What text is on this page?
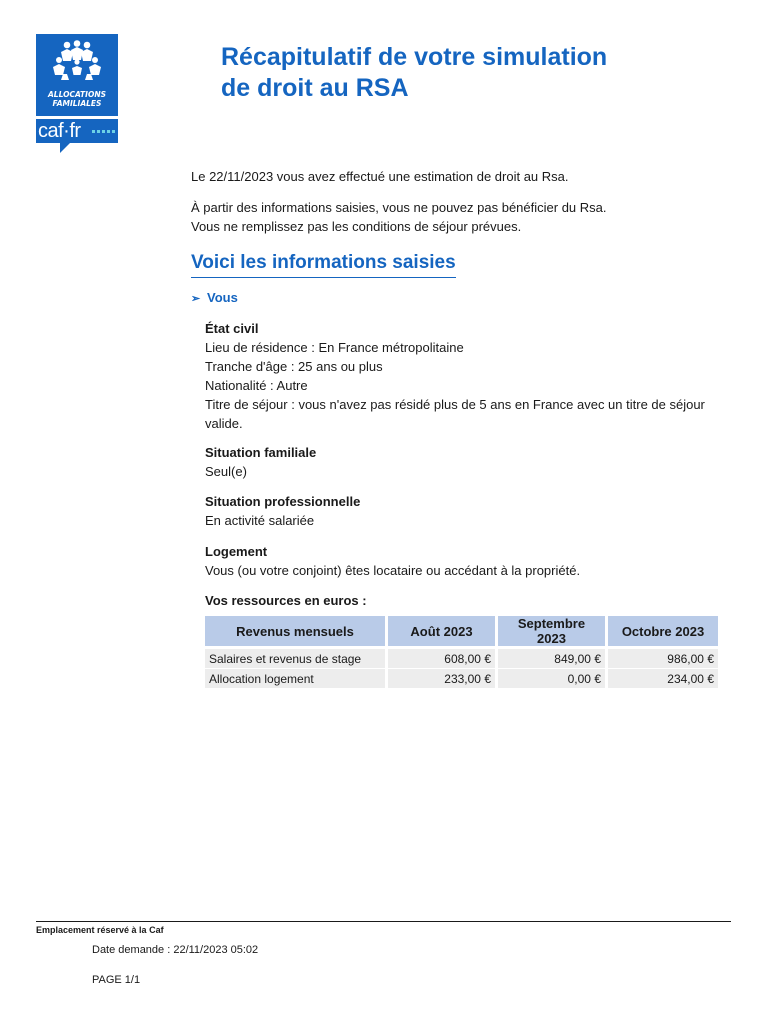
ALLOCATIONS
FAMILIALES
caf·fr
Récapitulatif de votre simulation
de droit au RSA
Le 22/11/2023 vous avez effectué une estimation de droit au Rsa.
À partir des informations saisies, vous ne pouvez pas bénéficier du Rsa.
Vous ne remplissez pas les conditions de séjour prévues.
Voici les informations saisies
➢ Vous
État civil
Lieu de résidence : En France métropolitaine
Tranche d'âge : 25 ans ou plus
Nationalité : Autre
Titre de séjour : vous n'avez pas résidé plus de 5 ans en France avec un titre de séjour valide.
Situation familiale
Seul(e)
Situation professionnelle
En activité salariée
Logement
Vous (ou votre conjoint) êtes locataire ou accédant à la propriété.
Vos ressources en euros :
Revenus mensuels	Août 2023	Septembre 2023	Octobre 2023

Salaires et revenus de stage	608,00 €	849,00 €	986,00 €
Allocation logement	233,00 €	0,00 €	234,00 €
Emplacement réservé à la Caf
Date demande : 22/11/2023 05:02
PAGE 1/1
